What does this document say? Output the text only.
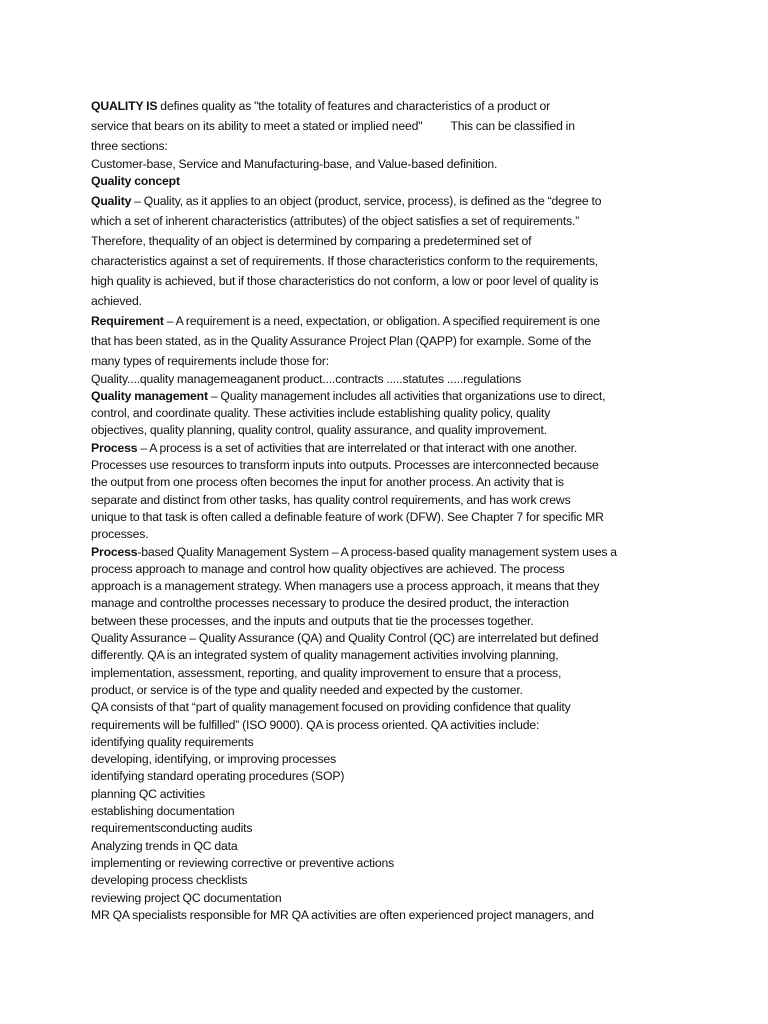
QUALITY IS defines quality as "the totality of features and characteristics of a product or
service that bears on its ability to meet a stated or implied need" This can be classified in
three sections:
Customer-base, Service and Manufacturing-base, and Value-based definition.
Quality concept
Quality – Quality, as it applies to an object (product, service, process), is defined as the “degree to
which a set of inherent characteristics (attributes) of the object satisfies a set of requirements.”
Therefore, thequality of an object is determined by comparing a predetermined set of
characteristics against a set of requirements. If those characteristics conform to the requirements,
high quality is achieved, but if those characteristics do not conform, a low or poor level of quality is
achieved.
Requirement – A requirement is a need, expectation, or obligation. A specified requirement is one
that has been stated, as in the Quality Assurance Project Plan (QAPP) for example. Some of the
many types of requirements include those for:
Quality....quality managemeaganent product....contracts .....statutes .....regulations
Quality management – Quality management includes all activities that organizations use to direct,
control, and coordinate quality. These activities include establishing quality policy, quality
objectives, quality planning, quality control, quality assurance, and quality improvement.
Process – A process is a set of activities that are interrelated or that interact with one another.
Processes use resources to transform inputs into outputs. Processes are interconnected because
the output from one process often becomes the input for another process. An activity that is
separate and distinct from other tasks, has quality control requirements, and has work crews
unique to that task is often called a definable feature of work (DFW). See Chapter 7 for specific MR
processes.
Process-based Quality Management System – A process-based quality management system uses a
process approach to manage and control how quality objectives are achieved. The process
approach is a management strategy. When managers use a process approach, it means that they
manage and controlthe processes necessary to produce the desired product, the interaction
between these processes, and the inputs and outputs that tie the processes together.
Quality Assurance – Quality Assurance (QA) and Quality Control (QC) are interrelated but defined
differently. QA is an integrated system of quality management activities involving planning,
implementation, assessment, reporting, and quality improvement to ensure that a process,
product, or service is of the type and quality needed and expected by the customer.
QA consists of that “part of quality management focused on providing confidence that quality
requirements will be fulfilled” (ISO 9000). QA is process oriented. QA activities include:
identifying quality requirements
developing, identifying, or improving processes
identifying standard operating procedures (SOP)
planning QC activities
establishing documentation
requirementsconducting audits
Analyzing trends in QC data
implementing or reviewing corrective or preventive actions
developing process checklists
reviewing project QC documentation
MR QA specialists responsible for MR QA activities are often experienced project managers, and
